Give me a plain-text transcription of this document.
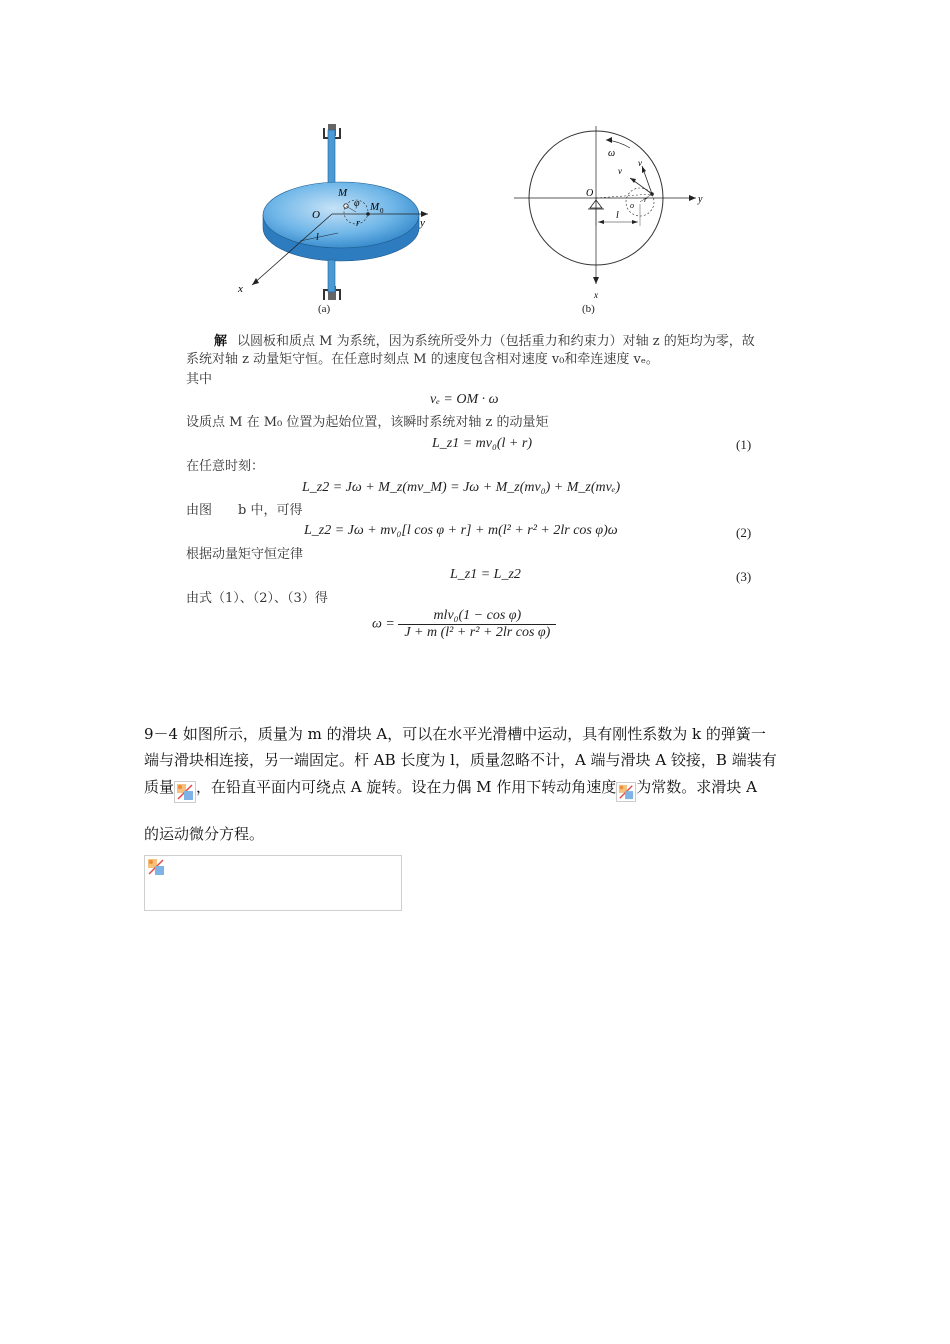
M
O
φ M 0
r
l
y
x
(a)
ω
v
v
O
o
r
l
y
x
(b)
解 以圆板和质点 M 为系统，因为系统所受外力（包括重力和约束力）对轴 z 的矩均为零，故系统对轴 z 动量矩守恒。在任意时刻点 M 的速度包含相对速度 v₀和牵连速度 vₑ。
其中
vₑ = OM · ω
设质点 M 在 M₀ 位置为起始位置，该瞬时系统对轴 z 的动量矩
L_z1 = mv₀(l + r)	(1)
在任意时刻：
L_z2 = Jω + M_z(mv_M) = Jω + M_z(mv₀) + M_z(mvₑ)
由图　　b 中，可得
L_z2 = Jω + mv₀[l cos φ + r] + m(l² + r² + 2lr cos φ)ω	(2)
根据动量矩守恒定律
L_z1 = L_z2	(3)
由式（1）、（2）、（3）得
$\omega = \frac{\text{mlv₀(1 − cos φ)}}{\text{J + m (l² + r² + 2lr cos φ)}}$
9－4 如图所示，质量为 m 的滑块 A，可以在水平光滑槽中运动，具有刚性系数为 k 的弹簧一
端与滑块相连接，另一端固定。杆 AB 长度为 l，质量忽略不计，A 端与滑块 A 铰接，B 端装有
质量 ，在铅直平面内可绕点 A 旋转。设在力偶 M 作用下转动角速度 为常数。求滑块 A
的运动微分方程。
